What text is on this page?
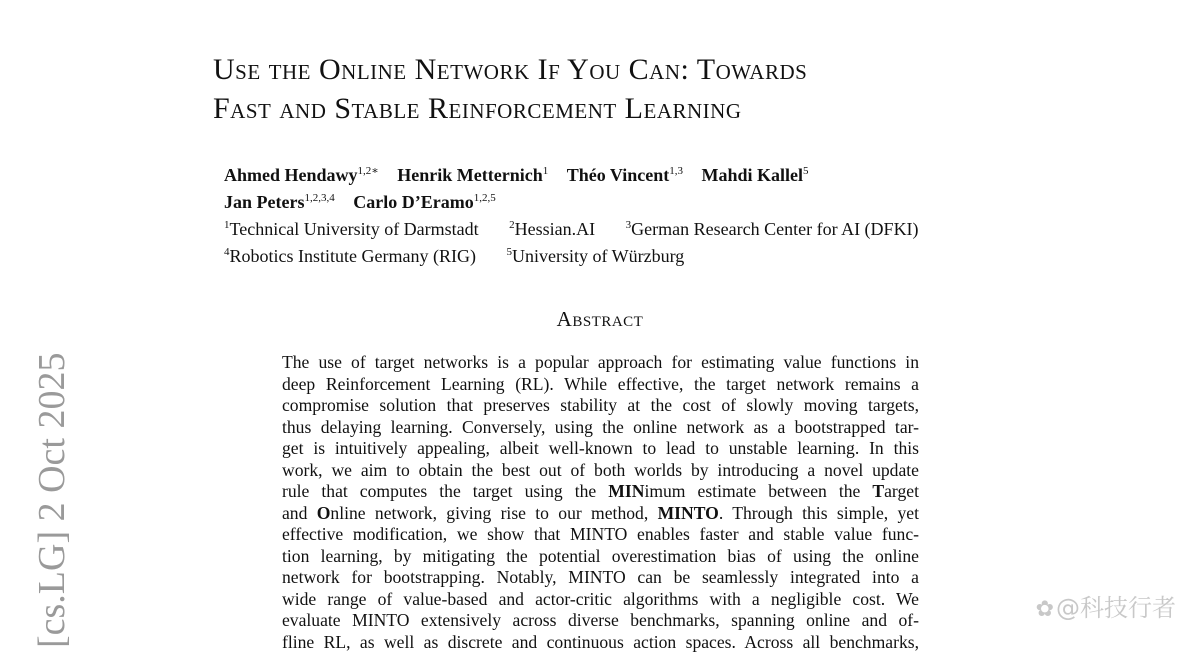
Use the Online Network If You Can: Towards
Fast and Stable Reinforcement Learning
Ahmed Hendawy$^{1,2∗}$ Henrik Metternich$^1$ Théo Vincent$^{1,3}$ Mahdi Kallel$^5$
Jan Peters$^{1,2,3,4}$ Carlo D’Eramo$^{1,2,5}$
$^1$Technical University of Darmstadt	$^2$Hessian.AI	$^3$German Research Center for AI (DFKI)
$^4$Robotics Institute Germany (RIG)	$^5$University of Würzburg
Abstract

The use of target networks is a popular approach for estimating value functions in
deep Reinforcement Learning (RL). While effective, the target network remains a
compromise solution that preserves stability at the cost of slowly moving targets,
thus delaying learning. Conversely, using the online network as a bootstrapped tar-
get is intuitively appealing, albeit well-known to lead to unstable learning. In this
work, we aim to obtain the best out of both worlds by introducing a novel update
rule that computes the target using the MINimum estimate between the Target
and Online network, giving rise to our method, MINTO. Through this simple, yet
effective modification, we show that MINTO enables faster and stable value func-
tion learning, by mitigating the potential overestimation bias of using the online
network for bootstrapping. Notably, MINTO can be seamlessly integrated into a
wide range of value-based and actor-critic algorithms with a negligible cost. We
evaluate MINTO extensively across diverse benchmarks, spanning online and of-
fline RL, as well as discrete and continuous action spaces. Across all benchmarks,

[cs.LG] 2 Oct 2025	✿@科技行者
